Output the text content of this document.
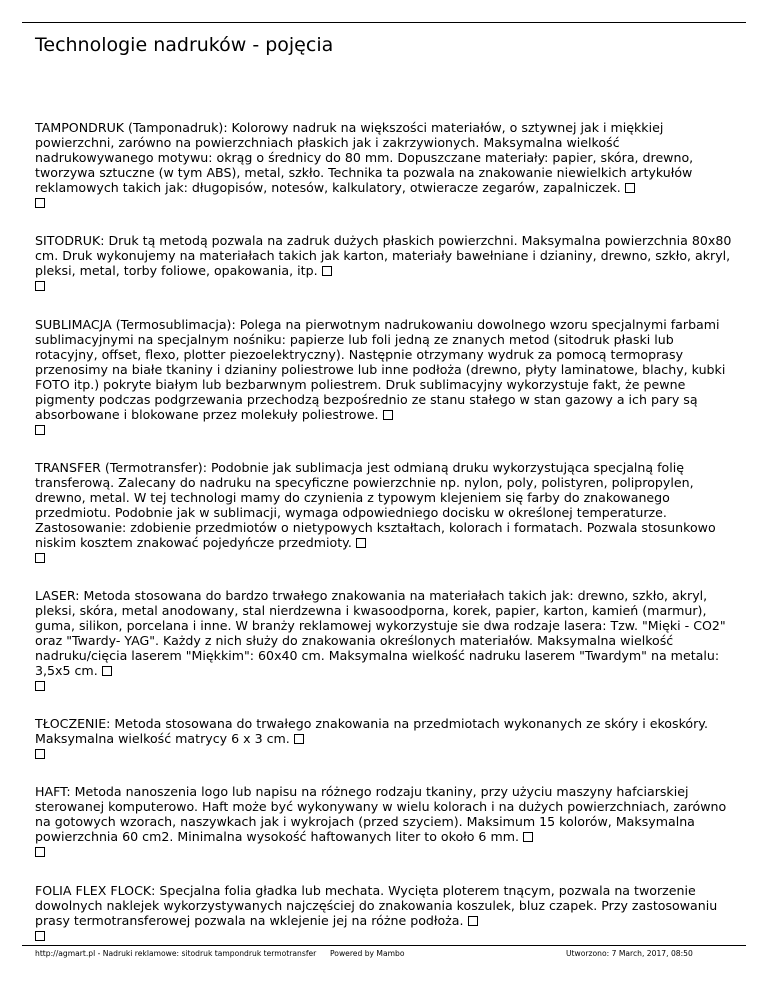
Technologie nadruków - pojęcia
TAMPONDRUK (Tamponadruk): Kolorowy nadruk na większości materiałów, o sztywnej jak i miękkiej powierzchni, zarówno na powierzchniach płaskich jak i zakrzywionych. Maksymalna wielkość nadrukowywanego motywu: okrąg o średnicy do 80 mm. Dopuszczane materiały: papier, skóra, drewno, tworzywa sztuczne (w tym ABS), metal, szkło. Technika ta pozwala na znakowanie niewielkich artykułów reklamowych takich jak: długopisów, notesów, kalkulatory, otwieracze zegarów, zapalniczek.
SITODRUK: Druk tą metodą pozwala na zadruk dużych płaskich powierzchni. Maksymalna powierzchnia 80x80 cm. Druk wykonujemy na materiałach takich jak karton, materiały bawełniane i dzianiny, drewno, szkło, akryl, pleksi, metal, torby foliowe, opakowania, itp.
SUBLIMACJA (Termosublimacja): Polega na pierwotnym nadrukowaniu dowolnego wzoru specjalnymi farbami sublimacyjnymi na specjalnym nośniku: papierze lub foli jedną ze znanych metod (sitodruk płaski lub rotacyjny, offset, flexo, plotter piezoelektryczny). Następnie otrzymany wydruk za pomocą termoprasy przenosimy na białe tkaniny i dzianiny poliestrowe lub inne podłoża (drewno, płyty laminatowe, blachy, kubki FOTO itp.) pokryte białym lub bezbarwnym poliestrem. Druk sublimacyjny wykorzystuje fakt, że pewne pigmenty podczas podgrzewania przechodzą bezpośrednio ze stanu stałego w stan gazowy a ich pary są absorbowane i blokowane przez molekuły poliestrowe.
TRANSFER (Termotransfer): Podobnie jak sublimacja jest odmianą druku wykorzystująca specjalną folię transferową. Zalecany do nadruku na specyficzne powierzchnie np. nylon, poly, polistyren, polipropylen, drewno, metal. W tej technologi mamy do czynienia z typowym klejeniem się farby do znakowanego przedmiotu. Podobnie jak w sublimacji, wymaga odpowiedniego docisku w określonej temperaturze. Zastosowanie: zdobienie przedmiotów o nietypowych kształtach, kolorach i formatach. Pozwala stosunkowo niskim kosztem znakować pojedyńcze przedmioty.
LASER: Metoda stosowana do bardzo trwałego znakowania na materiałach takich jak: drewno, szkło, akryl, pleksi, skóra, metal anodowany, stal nierdzewna i kwasoodporna, korek, papier, karton, kamień (marmur), guma, silikon, porcelana i inne. W branży reklamowej wykorzystuje sie dwa rodzaje lasera: Tzw. "Mięki - CO2" oraz "Twardy- YAG". Każdy z nich służy do znakowania określonych materiałów. Maksymalna wielkość nadruku/cięcia laserem "Miękkim": 60x40 cm. Maksymalna wielkość nadruku laserem "Twardym" na metalu: 3,5x5 cm.
TŁOCZENIE: Metoda stosowana do trwałego znakowania na przedmiotach wykonanych ze skóry i ekoskóry. Maksymalna wielkość matrycy 6 x 3 cm.
HAFT: Metoda nanoszenia logo lub napisu na różnego rodzaju tkaniny, przy użyciu maszyny hafciarskiej sterowanej komputerowo. Haft może być wykonywany w wielu kolorach i na dużych powierzchniach, zarówno na gotowych wzorach, naszywkach jak i wykrojach (przed szyciem). Maksimum 15 kolorów, Maksymalna powierzchnia 60 cm2. Minimalna wysokość haftowanych liter to około 6 mm.
FOLIA FLEX FLOCK: Specjalna folia gładka lub mechata. Wycięta ploterem tnącym, pozwala na tworzenie dowolnych naklejek wykorzystywanych najczęściej do znakowania koszulek, bluz czapek. Przy zastosowaniu prasy termotransferowej pozwala na wklejenie jej na różne podłoża.
http://agmart.pl - Nadruki reklamowe: sitodruk tampondruk termotransfer Powered by Mambo	Utworzono: 7 March, 2017, 08:50
